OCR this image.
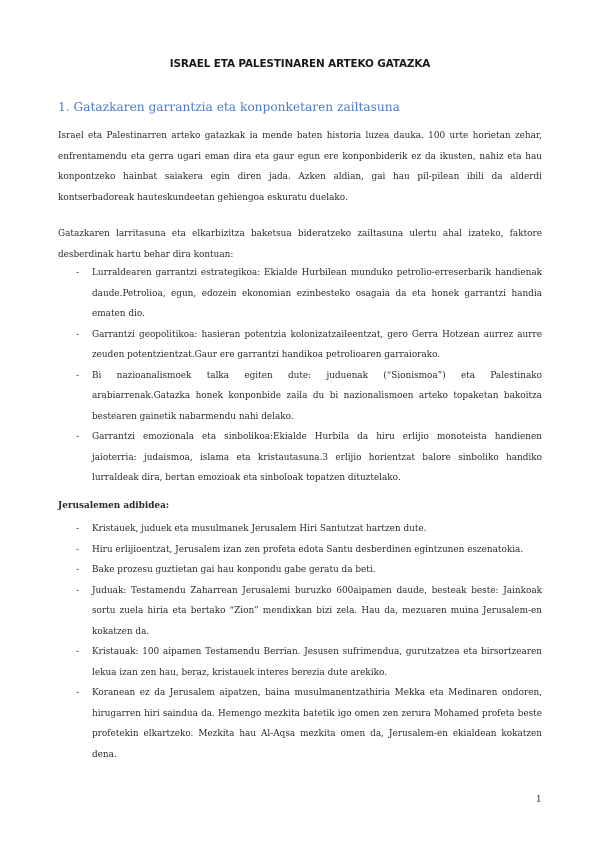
ISRAEL ETA PALESTINAREN ARTEKO GATAZKA
1. Gatazkaren garrantzia eta konponketaren zailtasuna
Israel eta Palestinarren arteko gatazkak ia mende baten historia luzea dauka. 100 urte horietan zehar, enfrentamendu eta gerra ugari eman dira eta gaur egun ere konponbiderik ez da ikusten, nahiz eta hau konpontzeko hainbat saiakera egin diren jada. Azken aldian, gai hau pil-pilean ibili da alderdi kontserbadoreak hauteskundeetan gehiengoa eskuratu duelako.
Gatazkaren larritasuna eta elkarbizitza baketsua bideratzeko zailtasuna ulertu ahal izateko, faktore desberdinak hartu behar dira kontuan:
- Lurraldearen garrantzi estrategikoa: Ekialde Hurbilean munduko petrolio-erreserbarik handienak daude.Petrolioa, egun, edozein ekonomian ezinbesteko osagaia da eta honek garrantzi handia ematen dio.
- Garrantzi geopolitikoa: hasieran potentzia kolonizatzaileentzat, gero Gerra Hotzean aurrez aurre zeuden potentzientzat.Gaur ere garrantzi handikoa petrolioaren garraiorako.
- Bi nazioanalismoek talka egiten dute: juduenak (“Sionismoa”) eta Palestinako arabiarrenak.Gatazka honek konponbide zaila du bi nazionalismoen arteko topaketan bakoitza bestearen gainetik nabarmendu nahi delako.
- Garrantzi emozionala eta sinbolikoa:Ekialde Hurbila da hiru erlijio monoteista handienen jaioterria: judaismoa, islama eta kristautasuna.3 erlijio horientzat balore sinboliko handiko lurraldeak dira, bertan emozioak eta sinboloak topatzen dituztelako.
Jerusalemen adibidea:
- Kristauek, juduek eta musulmanek Jerusalem Hiri Santutzat hartzen dute.
- Hiru erlijioentzat, Jerusalem izan zen profeta edota Santu desberdinen egintzunen eszenatokia.
- Bake prozesu guztietan gai hau konpondu gabe geratu da beti.
- Juduak: Testamendu Zaharrean Jerusalemi buruzko 600aipamen daude, besteak beste: Jainkoak sortu zuela hiria eta bertako “Zion” mendixkan bizi zela. Hau da, mezuaren muina Jerusalem-en kokatzen da.
- Kristauak: 100 aipamen Testamendu Berrian. Jesusen sufrimendua, gurutzatzea eta birsortzearen lekua izan zen hau, beraz, kristauek interes berezia dute arekiko.
- Koranean ez da Jerusalem aipatzen, baina musulmanentzathiria Mekka eta Medinaren ondoren, hirugarren hiri saindua da. Hemengo mezkita batetik igo omen zen zerura Mohamed profeta beste profetekin elkartzeko. Mezkita hau Al-Aqsa mezkita omen da, Jerusalem-en ekialdean kokatzen dena.
1
